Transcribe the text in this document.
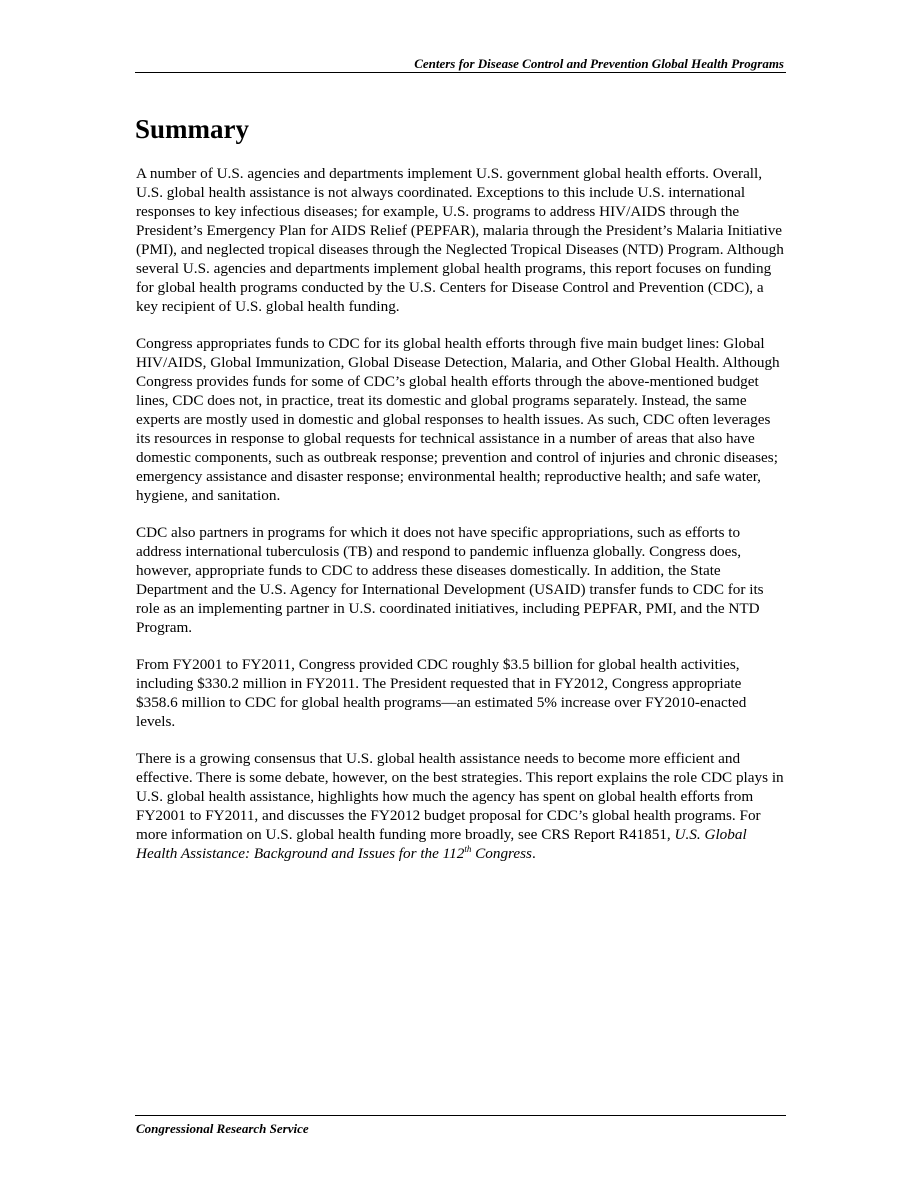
Centers for Disease Control and Prevention Global Health Programs
Summary

A number of U.S. agencies and departments implement U.S. government global health efforts. Overall, U.S. global health assistance is not always coordinated. Exceptions to this include U.S. international responses to key infectious diseases; for example, U.S. programs to address HIV/AIDS through the President’s Emergency Plan for AIDS Relief (PEPFAR), malaria through the President’s Malaria Initiative (PMI), and neglected tropical diseases through the Neglected Tropical Diseases (NTD) Program. Although several U.S. agencies and departments implement global health programs, this report focuses on funding for global health programs conducted by the U.S. Centers for Disease Control and Prevention (CDC), a key recipient of U.S. global health funding.

Congress appropriates funds to CDC for its global health efforts through five main budget lines: Global HIV/AIDS, Global Immunization, Global Disease Detection, Malaria, and Other Global Health. Although Congress provides funds for some of CDC’s global health efforts through the above-mentioned budget lines, CDC does not, in practice, treat its domestic and global programs separately. Instead, the same experts are mostly used in domestic and global responses to health issues. As such, CDC often leverages its resources in response to global requests for technical assistance in a number of areas that also have domestic components, such as outbreak response; prevention and control of injuries and chronic diseases; emergency assistance and disaster response; environmental health; reproductive health; and safe water, hygiene, and sanitation.

CDC also partners in programs for which it does not have specific appropriations, such as efforts to address international tuberculosis (TB) and respond to pandemic influenza globally. Congress does, however, appropriate funds to CDC to address these diseases domestically. In addition, the State Department and the U.S. Agency for International Development (USAID) transfer funds to CDC for its role as an implementing partner in U.S. coordinated initiatives, including PEPFAR, PMI, and the NTD Program.

From FY2001 to FY2011, Congress provided CDC roughly $3.5 billion for global health activities, including $330.2 million in FY2011. The President requested that in FY2012, Congress appropriate $358.6 million to CDC for global health programs—an estimated 5% increase over FY2010-enacted levels.

There is a growing consensus that U.S. global health assistance needs to become more efficient and effective. There is some debate, however, on the best strategies. This report explains the role CDC plays in U.S. global health assistance, highlights how much the agency has spent on global health efforts from FY2001 to FY2011, and discusses the FY2012 budget proposal for CDC’s global health programs. For more information on U.S. global health funding more broadly, see CRS Report R41851, U.S. Global Health Assistance: Background and Issues for the 112th Congress.

Congressional Research Service
